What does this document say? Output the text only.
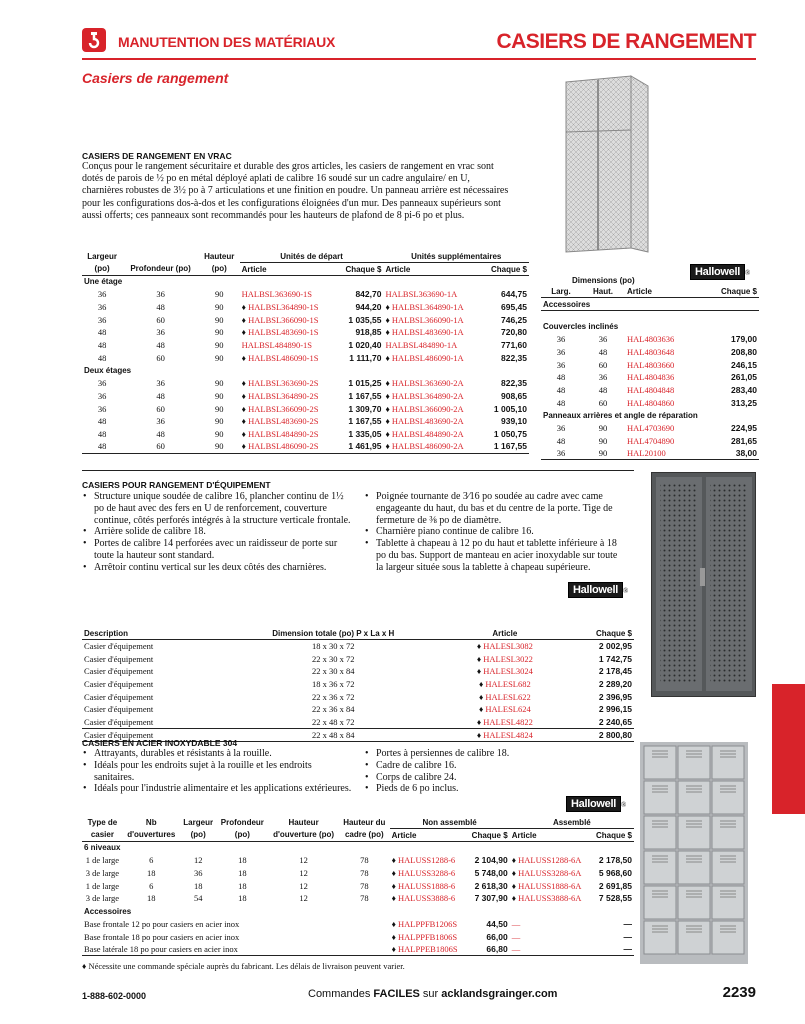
MANUTENTION DES MATÉRIAUX	CASIERS DE RANGEMENT
Casiers de rangement
CASIERS DE RANGEMENT EN VRAC
Conçus pour le rangement sécuritaire et durable des gros articles, les casiers de rangement en vrac sont dotés de parois de ½ po en métal déployé aplati de calibre 16 soudé sur un cadre angulaire/ en U, charnières robustes de 3½ po à 7 articulations et une finition en poudre. Un panneau arrière est nécessaires pour les configurations dos-à-dos et les configurations éloignées d'un mur. Des panneaux supérieurs sont aussi offerts; ces panneaux sont recommandés pour les hauteurs de plafond de 8 pi-6 po et plus.
Largeur		Hauteur	Unités de départ		Unités supplémentaires	
(po)	Profondeur (po)	(po)	Article	Chaque $	Article	Chaque $
Une étage						
36	36	90	HALBSL363690-1S	842,70	HALBSL363690-1A	644,75
36	48	90	♦ HALBSL364890-1S	944,20	♦ HALBSL364890-1A	695,45
36	60	90	♦ HALBSL366090-1S	1 035,55	♦ HALBSL366090-1A	746,25
48	36	90	♦ HALBSL483690-1S	918,85	♦ HALBSL483690-1A	720,80
48	48	90	HALBSL484890-1S	1 020,40	HALBSL484890-1A	771,60
48	60	90	♦ HALBSL486090-1S	1 111,70	♦ HALBSL486090-1A	822,35
Deux étages						
36	36	90	♦ HALBSL363690-2S	1 015,25	♦ HALBSL363690-2A	822,35
36	48	90	♦ HALBSL364890-2S	1 167,55	♦ HALBSL364890-2A	908,65
36	60	90	♦ HALBSL366090-2S	1 309,70	♦ HALBSL366090-2A	1 005,10
48	36	90	♦ HALBSL483690-2S	1 167,55	♦ HALBSL483690-2A	939,10
48	48	90	♦ HALBSL484890-2S	1 335,05	♦ HALBSL484890-2A	1 050,75
48	60	90	♦ HALBSL486090-2S	1 461,95	♦ HALBSL486090-2A	1 167,55
Hallowell ®
Dimensions (po)
Larg.	Haut.	Article	Chaque $
Accessoires			

Couvercles inclinés			
36	36	HAL4803636	179,00
36	48	HAL4803648	208,80
36	60	HAL4803660	246,15
48	36	HAL4804836	261,05
48	48	HAL4804848	283,40
48	60	HAL4804860	313,25
Panneaux arrières et angle de réparation			
36	90	HAL4703690	224,95
48	90	HAL4704890	281,65
36	90	HAL20100	38,00
CASIERS POUR RANGEMENT D'ÉQUIPEMENT
• Structure unique soudée de calibre 16, plancher continu de 1½ po de haut avec des fers en U de renforcement, couverture continue, côtés perforés intégrés à la structure verticale frontale.
• Arrière solide de calibre 18.
• Portes de calibre 14 perforées avec un raidisseur de porte sur toute la hauteur sont standard.
• Arrêtoir continu vertical sur les deux côtés des charnières.
• Poignée tournante de 3⁄16 po soudée au cadre avec came engageante du haut, du bas et du centre de la porte. Tige de fermeture de ⅜ po de diamètre.
• Charnière piano continue de calibre 16.
• Tablette à chapeau à 12 po du haut et tablette inférieure à 18 po du bas. Support de manteau en acier inoxydable sur toute la largeur située sous la tablette à chapeau supérieure.
Hallowell ®
Description	Dimension totale (po) P x La x H	Article	Chaque $
Casier d'équipement	18 x 30 x 72	♦ HALESL3082	2 002,95
Casier d'équipement	22 x 30 x 72	♦ HALESL3022	1 742,75
Casier d'équipement	22 x 30 x 84	♦ HALESL3024	2 178,45
Casier d'équipement	18 x 36 x 72	♦ HALESL682	2 289,20
Casier d'équipement	22 x 36 x 72	♦ HALESL622	2 396,95
Casier d'équipement	22 x 36 x 84	♦ HALESL624	2 996,15
Casier d'équipement	22 x 48 x 72	♦ HALESL4822	2 240,65
Casier d'équipement	22 x 48 x 84	♦ HALESL4824	2 800,80
CASIERS EN ACIER INOXYDABLE 304
• Attrayants, durables et résistants à la rouille.
• Idéals pour les endroits sujet à la rouille et les endroits sanitaires.
• Idéals pour l'industrie alimentaire et les applications extérieures.
• Portes à persiennes de calibre 18.
• Cadre de calibre 16.
• Corps de calibre 24.
• Pieds de 6 po inclus.
Hallowell ®
Type de	Nb	Largeur	Profondeur	Hauteur	Hauteur du	Non assemblé		Assemblé	
casier	d'ouvertures	(po)	(po)	d'ouverture (po)	cadre (po)	Article	Chaque $	Article	Chaque $
6 niveaux									
1 de large	6	12	18	12	78	♦ HALUSS1288-6	2 104,90	♦ HALUSS1288-6A	2 178,50
3 de large	18	36	18	12	78	♦ HALUSS3288-6	5 748,00	♦ HALUSS3288-6A	5 968,60
1 de large	6	18	18	12	78	♦ HALUSS1888-6	2 618,30	♦ HALUSS1888-6A	2 691,85
3 de large	18	54	18	12	78	♦ HALUSS3888-6	7 307,90	♦ HALUSS3888-6A	7 528,55
Accessoires									
Base frontale 12 po pour casiers en acier inox						♦ HALPPFB1206S	44,50	—	—
Base frontale 18 po pour casiers en acier inox						♦ HALPPFB1806S	66,00	—	—
Base latérale 18 po pour casiers en acier inox						♦ HALPPEB1806S	66,80	—	—
♦ Nécessite une commande spéciale auprès du fabricant. Les délais de livraison peuvent varier.
1-888-602-0000	Commandes FACILES sur acklandsgrainger.com	2239
